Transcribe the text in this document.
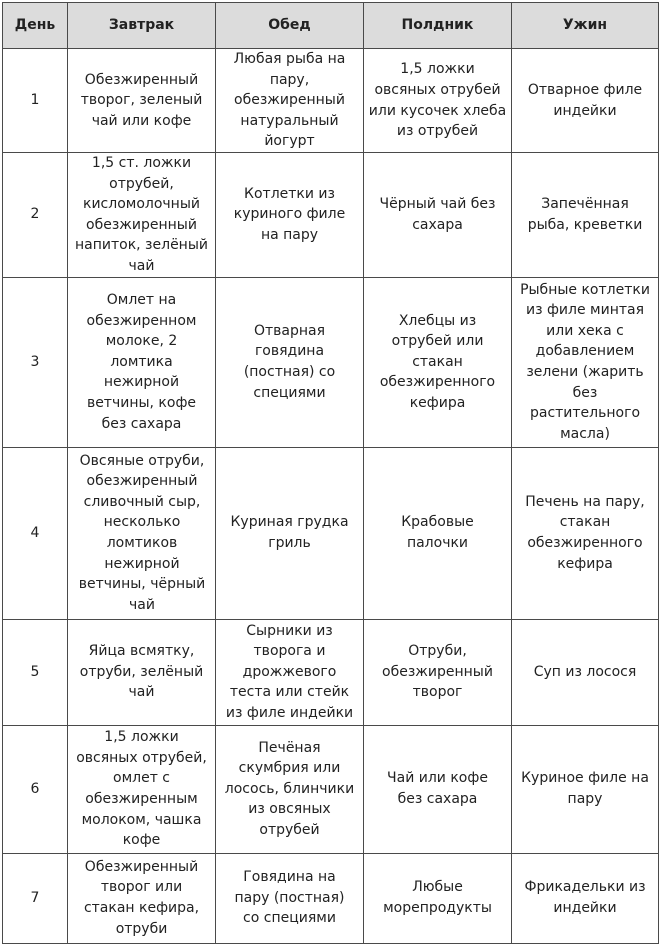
День	Завтрак	Обед	Полдник	Ужин
1	Обезжиренный творог, зеленый чай или кофе	Любая рыба на пару, обезжиренный натуральный йогурт	1,5 ложки овсяных отрубей или кусочек хлеба из отрубей	Отварное филе индейки
2	1,5 ст. ложки отрубей, кисломолочный обезжиренный напиток, зелёный чай	Котлетки из куриного филе на пару	Чёрный чай без сахара	Запечённая рыба, креветки
3	Омлет на обезжиренном молоке, 2 ломтика нежирной ветчины, кофе без сахара	Отварная говядина (постная) со специями	Хлебцы из отрубей или стакан обезжиренного кефира	Рыбные котлетки из филе минтая или хека с добавлением зелени (жарить без растительного масла)
4	Овсяные отруби, обезжиренный сливочный сыр, несколько ломтиков нежирной ветчины, чёрный чай	Куриная грудка гриль	Крабовые палочки	Печень на пару, стакан обезжиренного кефира
5	Яйца всмятку, отруби, зелёный чай	Сырники из творога и дрожжевого теста или стейк из филе индейки	Отруби, обезжиренный творог	Суп из лосося
6	1,5 ложки овсяных отрубей, омлет с обезжиренным молоком, чашка кофе	Печёная скумбрия или лосось, блинчики из овсяных отрубей	Чай или кофе без сахара	Куриное филе на пару
7	Обезжиренный творог или стакан кефира, отруби	Говядина на пару (постная) со специями	Любые морепродукты	Фрикадельки из индейки
